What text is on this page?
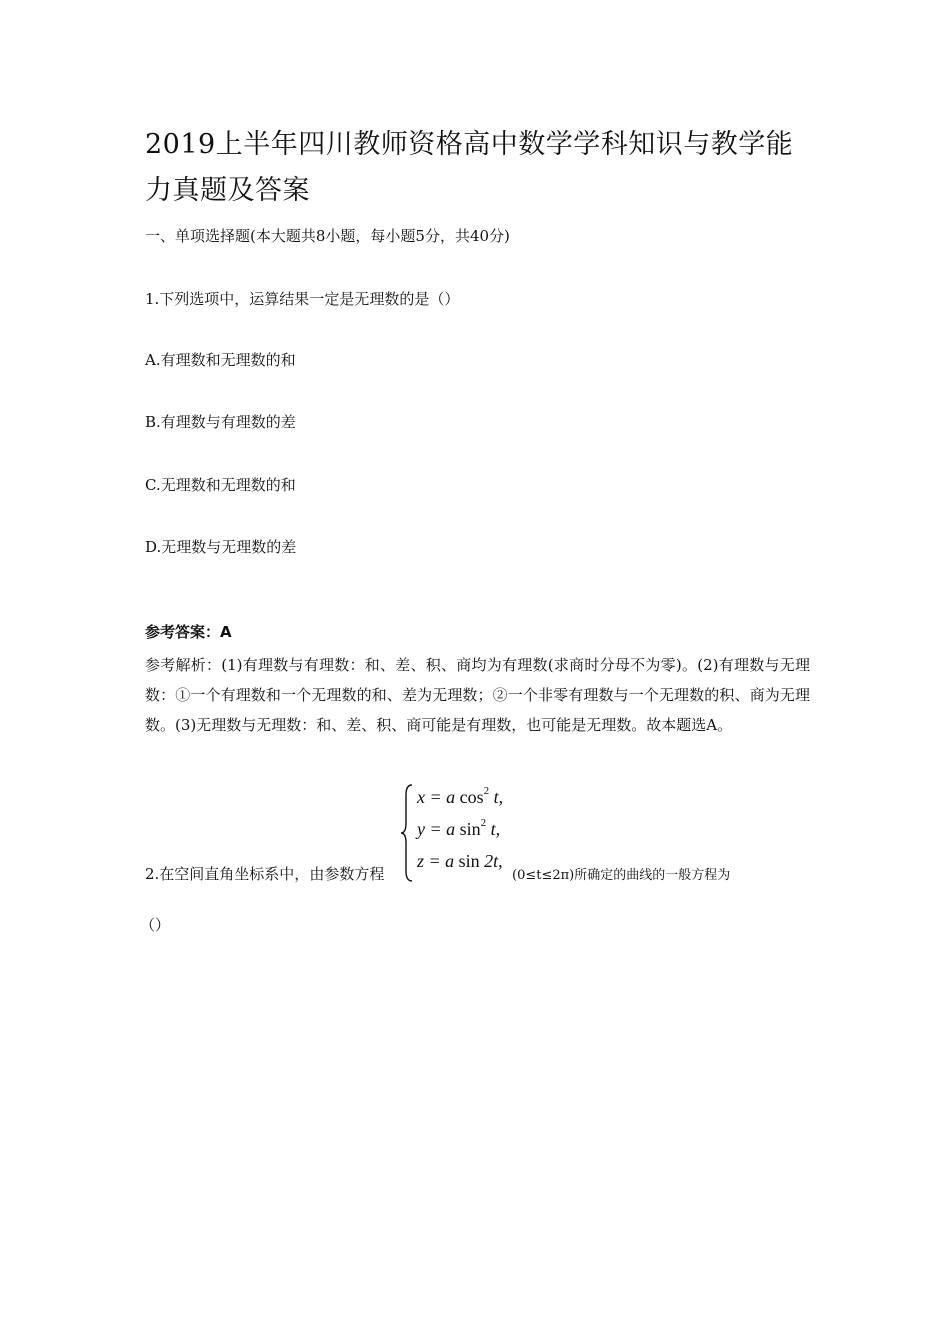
2019上半年四川教师资格高中数学学科知识与教学能力真题及答案
一、单项选择题(本大题共8小题，每小题5分，共40分)
1.下列选项中，运算结果一定是无理数的是（）
A.有理数和无理数的和
B.有理数与有理数的差
C.无理数和无理数的和
D.无理数与无理数的差
参考答案：A
参考解析：(1)有理数与有理数：和、差、积、商均为有理数(求商时分母不为零)。(2)有理数与无理数：①一个有理数和一个无理数的和、差为无理数；②一个非零有理数与一个无理数的积、商为无理数。(3)无理数与无理数：和、差、积、商可能是有理数，也可能是无理数。故本题选A。
x = a $\cos^2 t$,
y = a $\sin^2 t$,
z = a sin 2t,
2.在空间直角坐标系中，由参数方程	(0≤t≤2π)所确定的曲线的一般方程为
（）
